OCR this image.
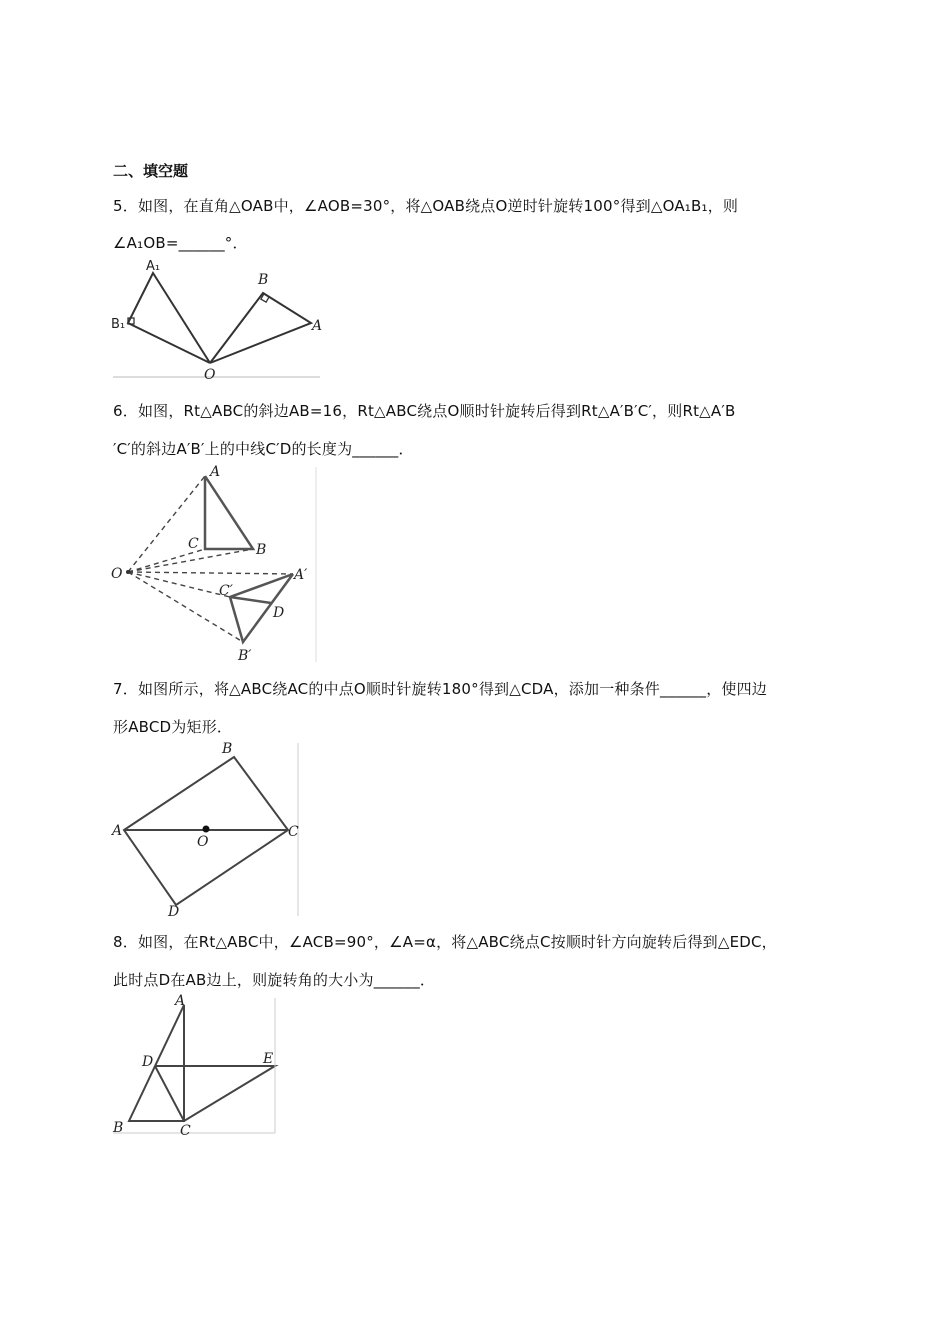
二、填空题
5．如图，在直角△OAB中，∠AOB=30°，将△OAB绕点O逆时针旋转100°得到△OA₁B₁，则
∠A₁OB=______°．
A₁
B₁
O
B
A
6．如图，Rt△ABC的斜边AB=16，Rt△ABC绕点O顺时针旋转后得到Rt△A′B′C′，则Rt△A′B
′C′的斜边A′B′上的中线C′D的长度为______．
A
C	B
O	A′
C′
D
B′
7．如图所示，将△ABC绕AC的中点O顺时针旋转180°得到△CDA，添加一种条件______，使四边
形ABCD为矩形．
B
A
O
C
D
8．如图，在Rt△ABC中，∠ACB=90°，∠A=α，将△ABC绕点C按顺时针方向旋转后得到△EDC，
此时点D在AB边上，则旋转角的大小为______．
A
D	E
B	C
